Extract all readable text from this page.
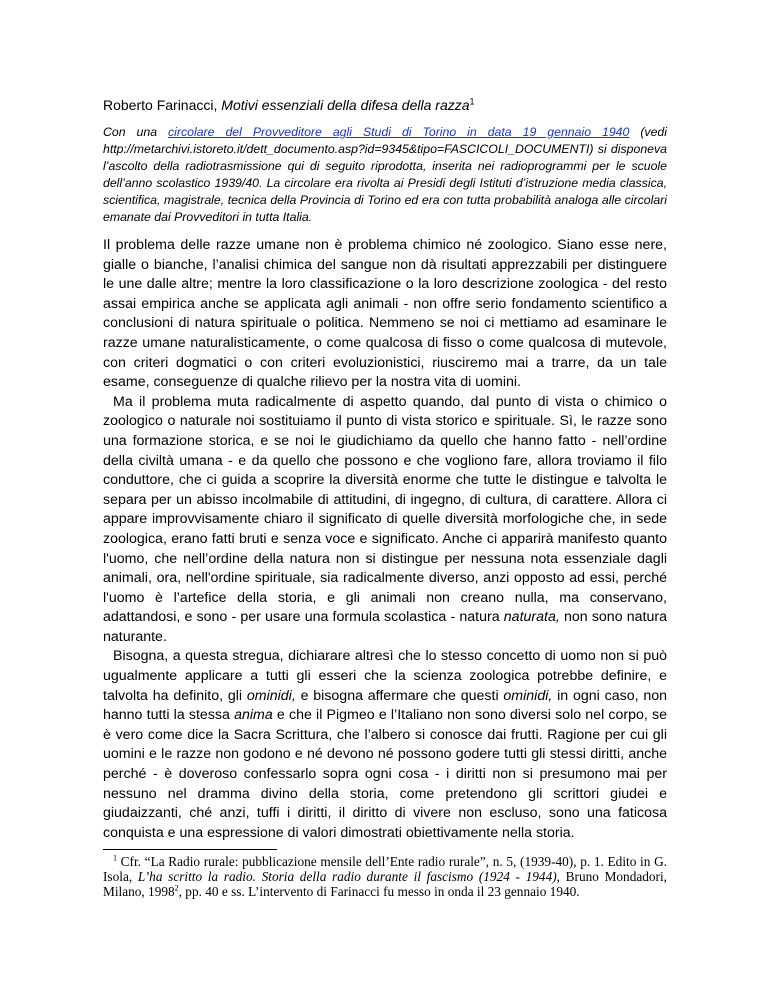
Roberto Farinacci, Motivi essenziali della difesa della razza$^1$

Con una circolare del Provveditore agli Studi di Torino in data 19 gennaio 1940 (vedi http://metarchivi.istoreto.it/dett_documento.asp?id=9345&tipo=FASCICOLI_DOCUMENTI) si disponeva l’ascolto della radiotrasmissione qui di seguito riprodotta, inserita nei radioprogrammi per le scuole dell’anno scolastico 1939/40. La circolare era rivolta ai Presidi degli Istituti d’istruzione media classica, scientifica, magistrale, tecnica della Provincia di Torino ed era con tutta probabilità analoga alle circolari emanate dai Provveditori in tutta Italia.

Il problema delle razze umane non è problema chimico né zoologico. Siano esse nere, gialle o bianche, l’analisi chimica del sangue non dà risultati apprezzabili per distinguere le une dalle altre; mentre la loro classificazione o la loro descrizione zoologica - del resto assai empirica anche se applicata agli animali - non offre serio fondamento scientifico a conclusioni di natura spirituale o politica. Nemmeno se noi ci mettiamo ad esaminare le razze umane naturalisticamente, o come qualcosa di fisso o come qualcosa di mutevole, con criteri dogmatici o con criteri evoluzionistici, riusciremo mai a trarre, da un tale esame, conseguenze di qualche rilievo per la nostra vita di uomini.

Ma il problema muta radicalmente di aspetto quando, dal punto di vista o chimico o zoologico o naturale noi sostituiamo il punto di vista storico e spirituale. Sì, le razze sono una formazione storica, e se noi le giudichiamo da quello che hanno fatto - nell’ordine della civiltà umana - e da quello che possono e che vogliono fare, allora troviamo il filo conduttore, che ci guida a scoprire la diversità enorme che tutte le distingue e talvolta le separa per un abisso incolmabile di attitudini, di ingegno, di cultura, di carattere. Allora ci appare improvvisamente chiaro il significato di quelle diversità morfologiche che, in sede zoologica, erano fatti bruti e senza voce e significato. Anche ci apparirà manifesto quanto l'uomo, che nell’ordine della natura non si distingue per nessuna nota essenziale dagli animali, ora, nell'ordine spirituale, sia radicalmente diverso, anzi opposto ad essi, perché l'uomo è l’artefice della storia, e gli animali non creano nulla, ma conservano, adattandosi, e sono - per usare una formula scolastica - natura naturata, non sono natura naturante.

Bisogna, a questa stregua, dichiarare altresì che lo stesso concetto di uomo non si può ugualmente applicare a tutti gli esseri che la scienza zoologica potrebbe definire, e talvolta ha definito, gli ominidi, e bisogna affermare che questi ominidi, in ogni caso, non hanno tutti la stessa anima e che il Pigmeo e l’Italiano non sono diversi solo nel corpo, se è vero come dice la Sacra Scrittura, che l’albero si conosce dai frutti. Ragione per cui gli uomini e le razze non godono e né devono né possono godere tutti gli stessi diritti, anche perché - è doveroso confessarlo sopra ogni cosa - i diritti non si presumono mai per nessuno nel dramma divino della storia, come pretendono gli scrittori giudei e giudaizzanti, ché anzi, tuffi i diritti, il diritto di vivere non escluso, sono una faticosa conquista e una espressione di valori dimostrati obiettivamente nella storia.

$^1$ Cfr. “La Radio rurale: pubblicazione mensile dell’Ente radio rurale”, n. 5, (1939-40), p. 1. Edito in G. Isola, L’ha scritto la radio. Storia della radio durante il fascismo (1924 - 1944), Bruno Mondadori, Milano, 1998$^2$, pp. 40 e ss. L’intervento di Farinacci fu messo in onda il 23 gennaio 1940.
